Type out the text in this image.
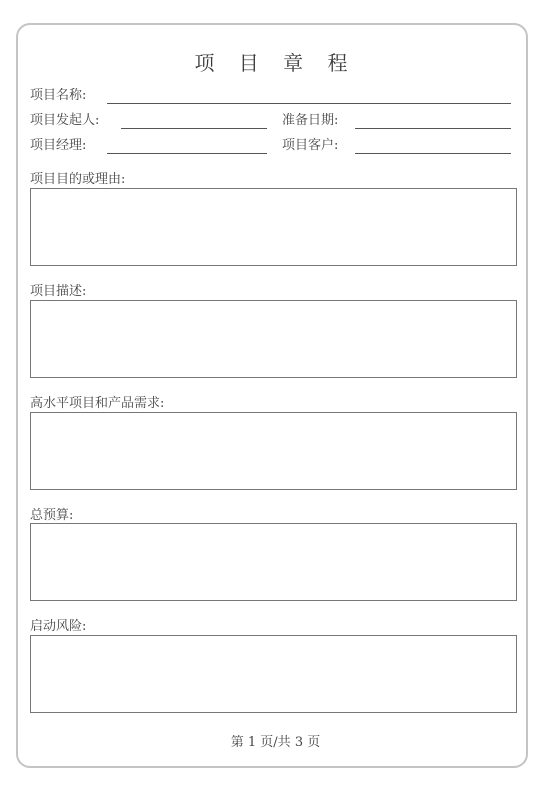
项 目 章 程
项目名称:
项目发起人:	准备日期:
项目经理:	项目客户:
项目目的或理由:
项目描述:
高水平项目和产品需求:
总预算:
启动风险:
第 1 页/共 3 页
